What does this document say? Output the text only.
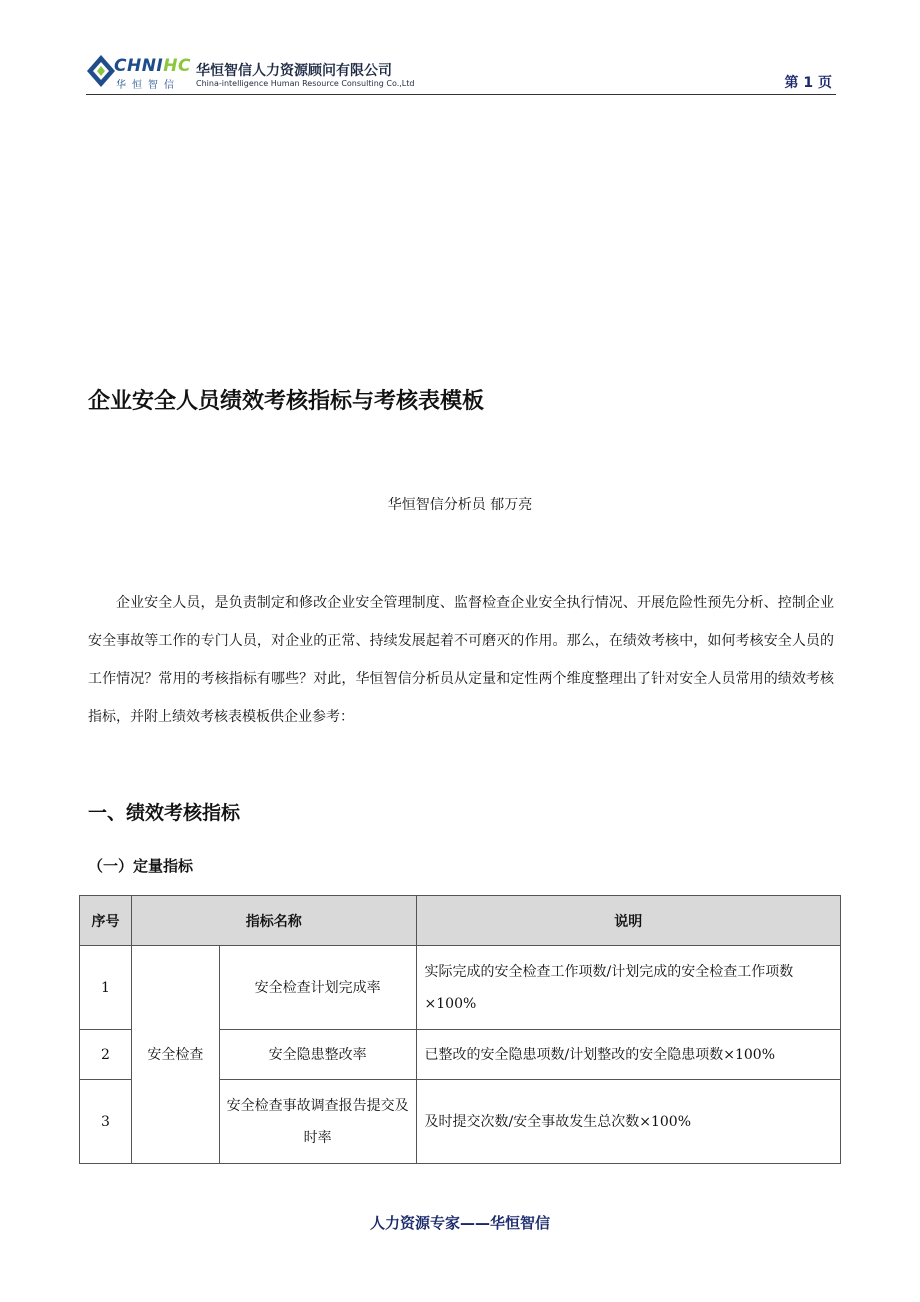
CHNIHC
华恒智信
华恒智信人力资源顾问有限公司
China-intelligence Human Resource Consulting Co.,Ltd	第 1 页
企业安全人员绩效考核指标与考核表模板
华恒智信分析员 郁万亮

企业安全人员，是负责制定和修改企业安全管理制度、监督检查企业安全执行情况、开展危险性预先分析、控制企业安全事故等工作的专门人员，对企业的正常、持续发展起着不可磨灭的作用。那么，在绩效考核中，如何考核安全人员的工作情况？常用的考核指标有哪些？对此，华恒智信分析员从定量和定性两个维度整理出了针对安全人员常用的绩效考核指标，并附上绩效考核表模板供企业参考：

一、绩效考核指标
（一）定量指标
序号	指标名称		说明
1	安全检查	安全检查计划完成率	实际完成的安全检查工作项数/计划完成的安全检查工作项数×100%
2		安全隐患整改率	已整改的安全隐患项数/计划整改的安全隐患项数×100%
3		安全检查事故调查报告提交及时率	及时提交次数/安全事故发生总次数×100%
人力资源专家——华恒智信
